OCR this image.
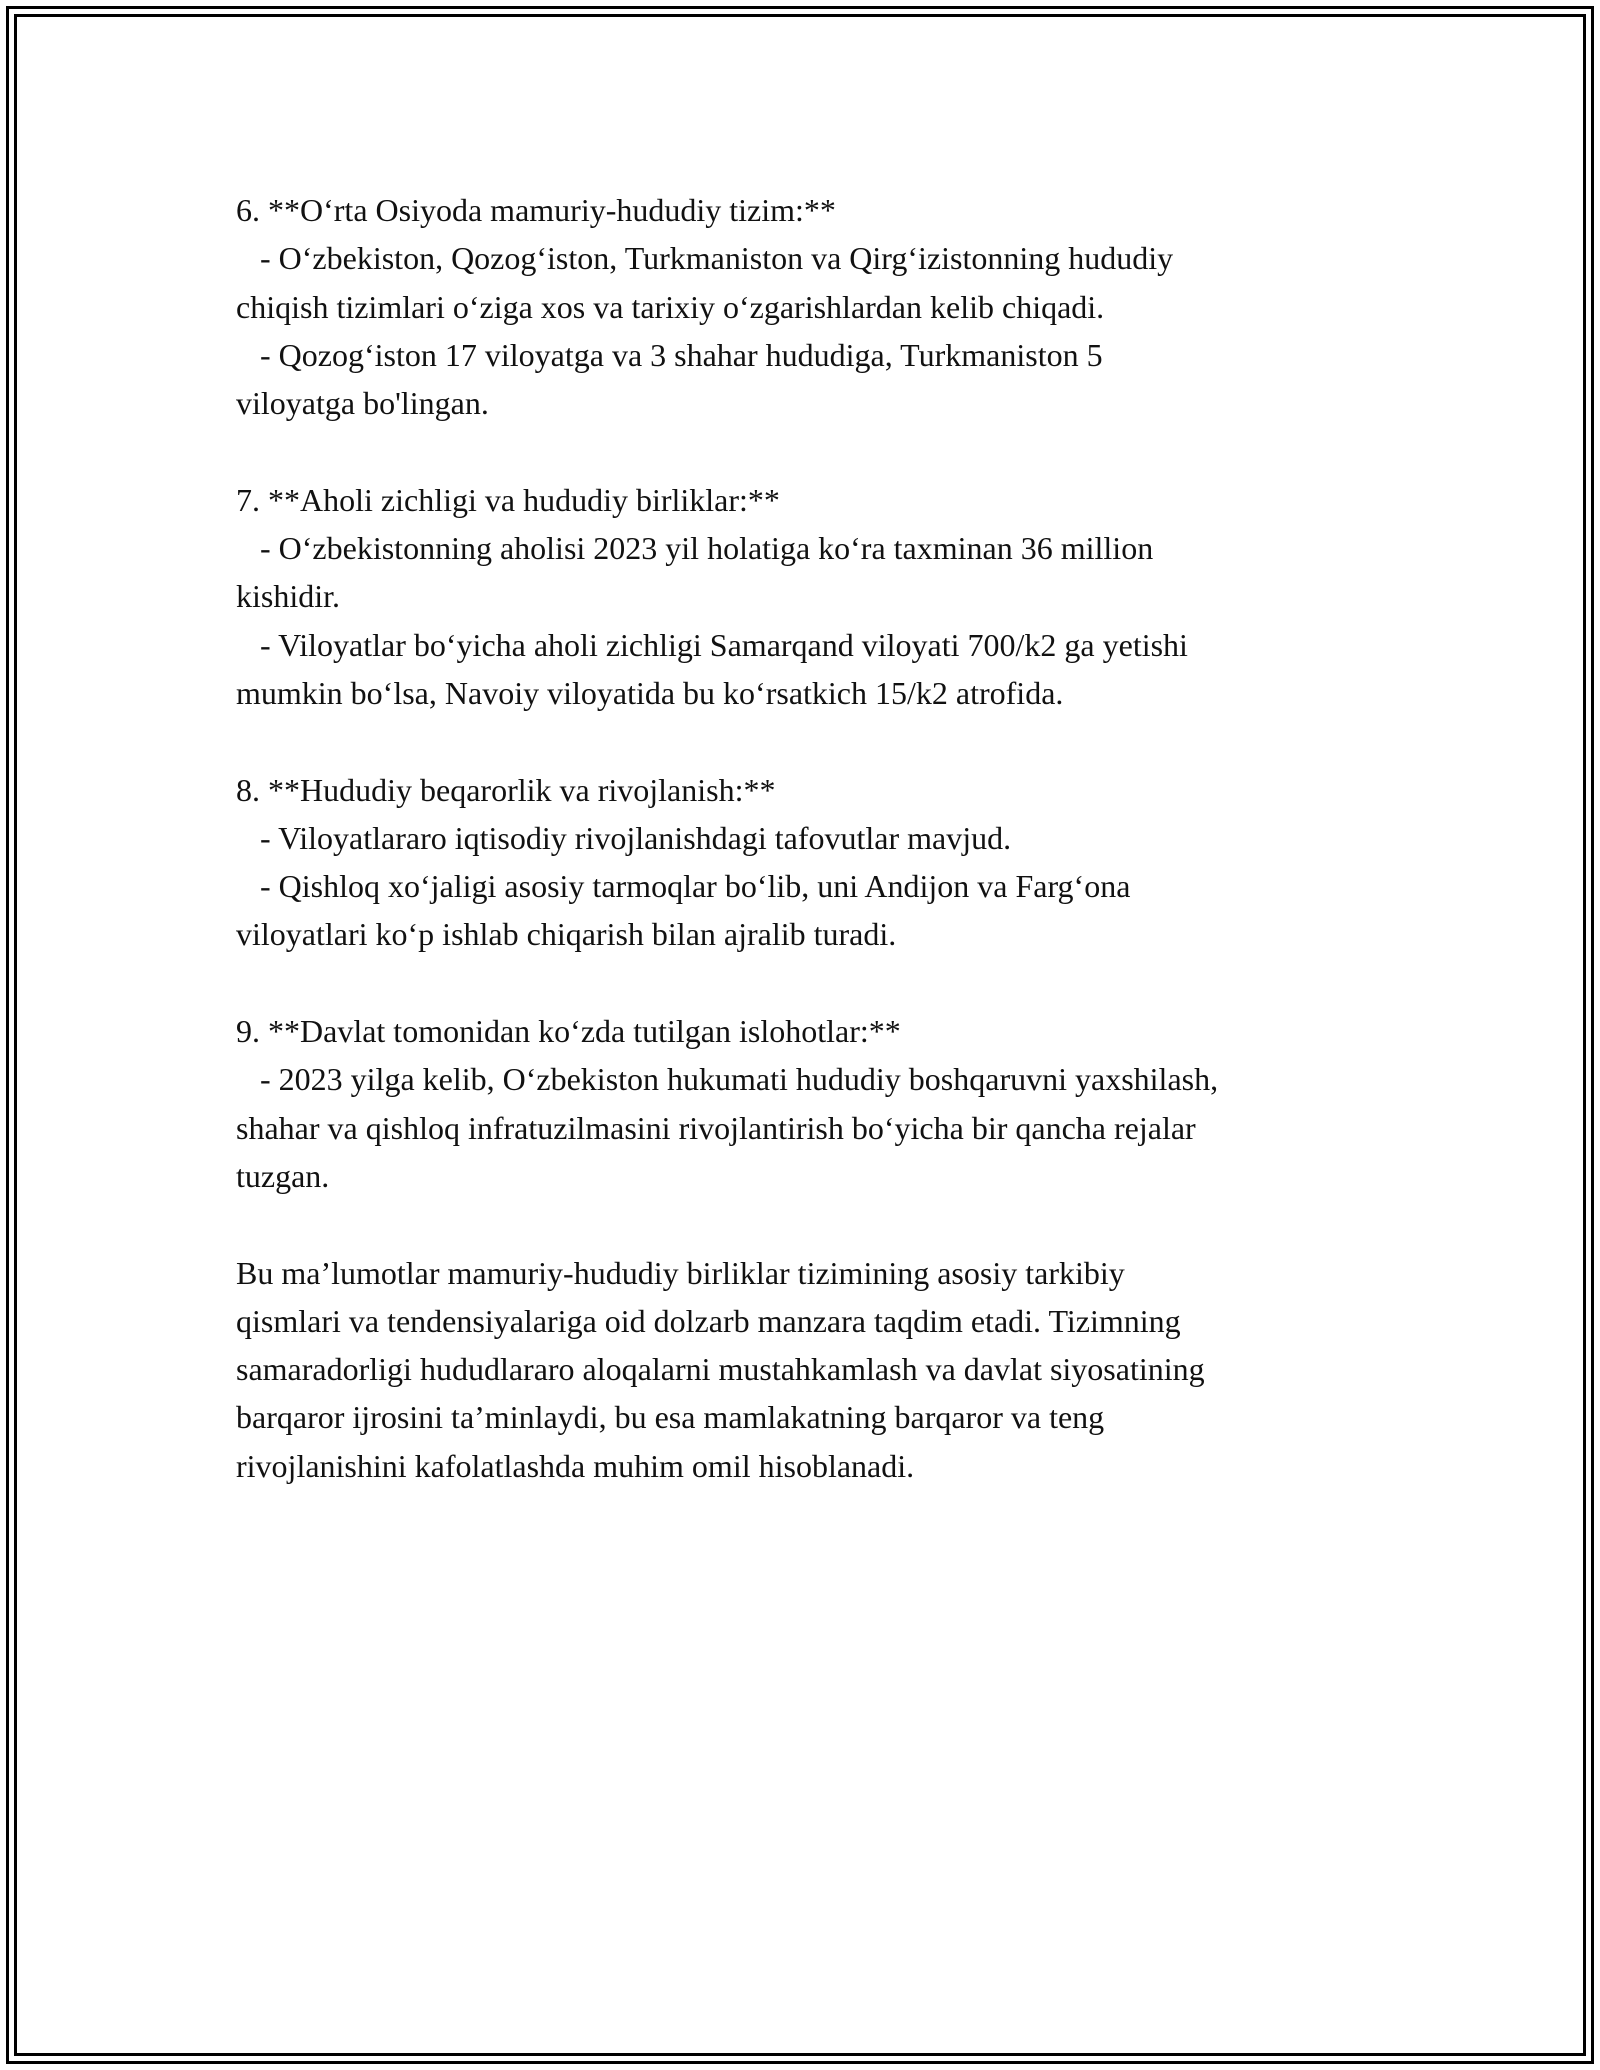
6. **O‘rta Osiyoda mamuriy-hududiy tizim:**
- O‘zbekiston, Qozog‘iston, Turkmaniston va Qirg‘izistonning hududiy
chiqish tizimlari o‘ziga xos va tarixiy o‘zgarishlardan kelib chiqadi.
- Qozog‘iston 17 viloyatga va 3 shahar hududiga, Turkmaniston 5
viloyatga bo'lingan.
7. **Aholi zichligi va hududiy birliklar:**
- O‘zbekistonning aholisi 2023 yil holatiga ko‘ra taxminan 36 million
kishidir.
- Viloyatlar bo‘yicha aholi zichligi Samarqand viloyati 700/k2 ga yetishi
mumkin bo‘lsa, Navoiy viloyatida bu ko‘rsatkich 15/k2 atrofida.
8. **Hududiy beqarorlik va rivojlanish:**
- Viloyatlararo iqtisodiy rivojlanishdagi tafovutlar mavjud.
- Qishloq xo‘jaligi asosiy tarmoqlar bo‘lib, uni Andijon va Farg‘ona
viloyatlari ko‘p ishlab chiqarish bilan ajralib turadi.
9. **Davlat tomonidan ko‘zda tutilgan islohotlar:**
- 2023 yilga kelib, O‘zbekiston hukumati hududiy boshqaruvni yaxshilash,
shahar va qishloq infratuzilmasini rivojlantirish bo‘yicha bir qancha rejalar
tuzgan.
Bu ma’lumotlar mamuriy-hududiy birliklar tizimining asosiy tarkibiy
qismlari va tendensiyalariga oid dolzarb manzara taqdim etadi. Tizimning
samaradorligi hududlararo aloqalarni mustahkamlash va davlat siyosatining
barqaror ijrosini ta’minlaydi, bu esa mamlakatning barqaror va teng
rivojlanishini kafolatlashda muhim omil hisoblanadi.
